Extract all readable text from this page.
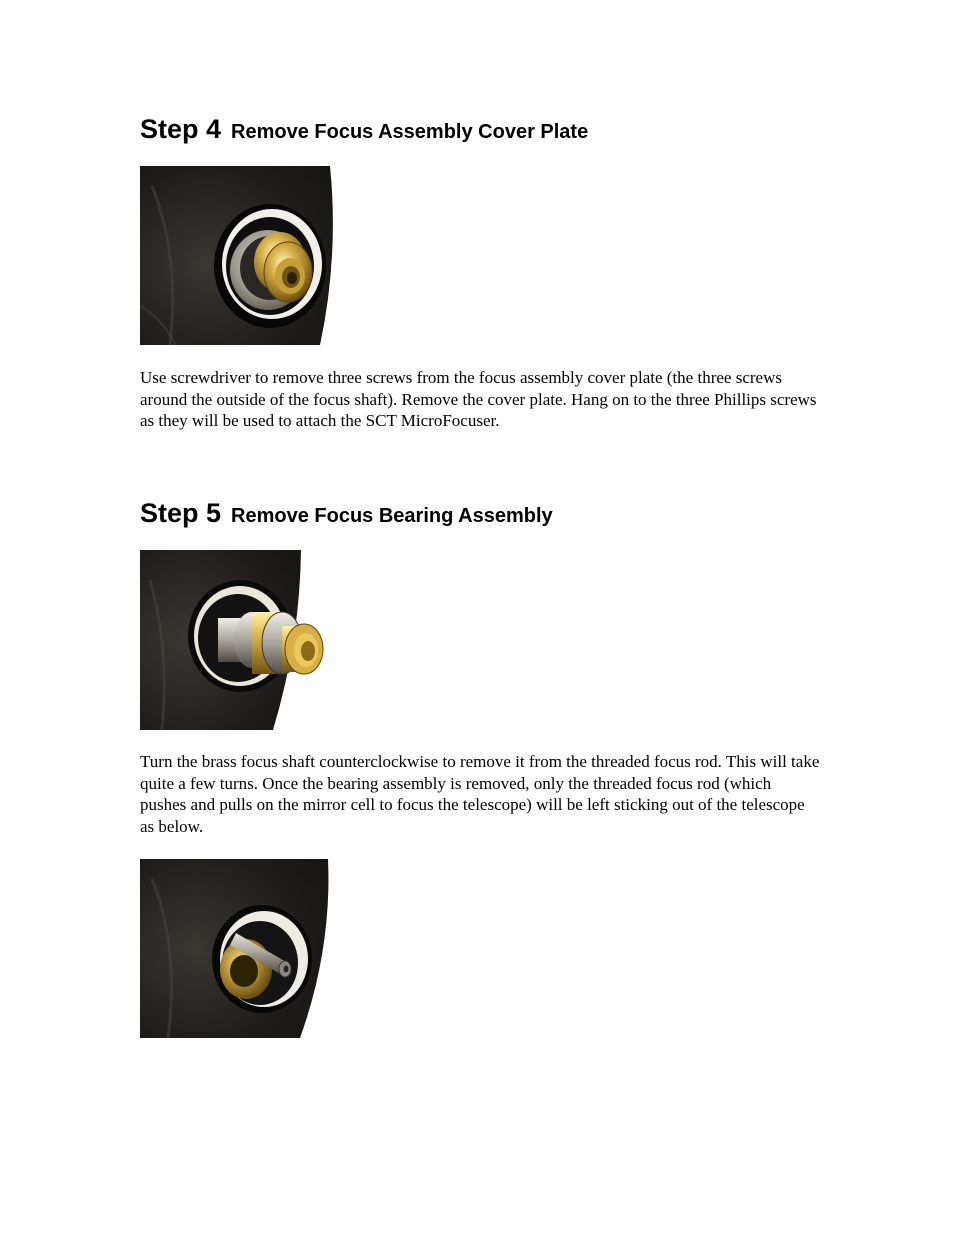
Step 4 Remove Focus Assembly Cover Plate

Use screwdriver to remove three screws from the focus assembly cover plate (the three screws around the outside of the focus shaft). Remove the cover plate. Hang on to the three Phillips screws as they will be used to attach the SCT MicroFocuser.

Step 5 Remove Focus Bearing Assembly

Turn the brass focus shaft counterclockwise to remove it from the threaded focus rod. This will take quite a few turns. Once the bearing assembly is removed, only the threaded focus rod (which pushes and pulls on the mirror cell to focus the telescope) will be left sticking out of the telescope as below.
